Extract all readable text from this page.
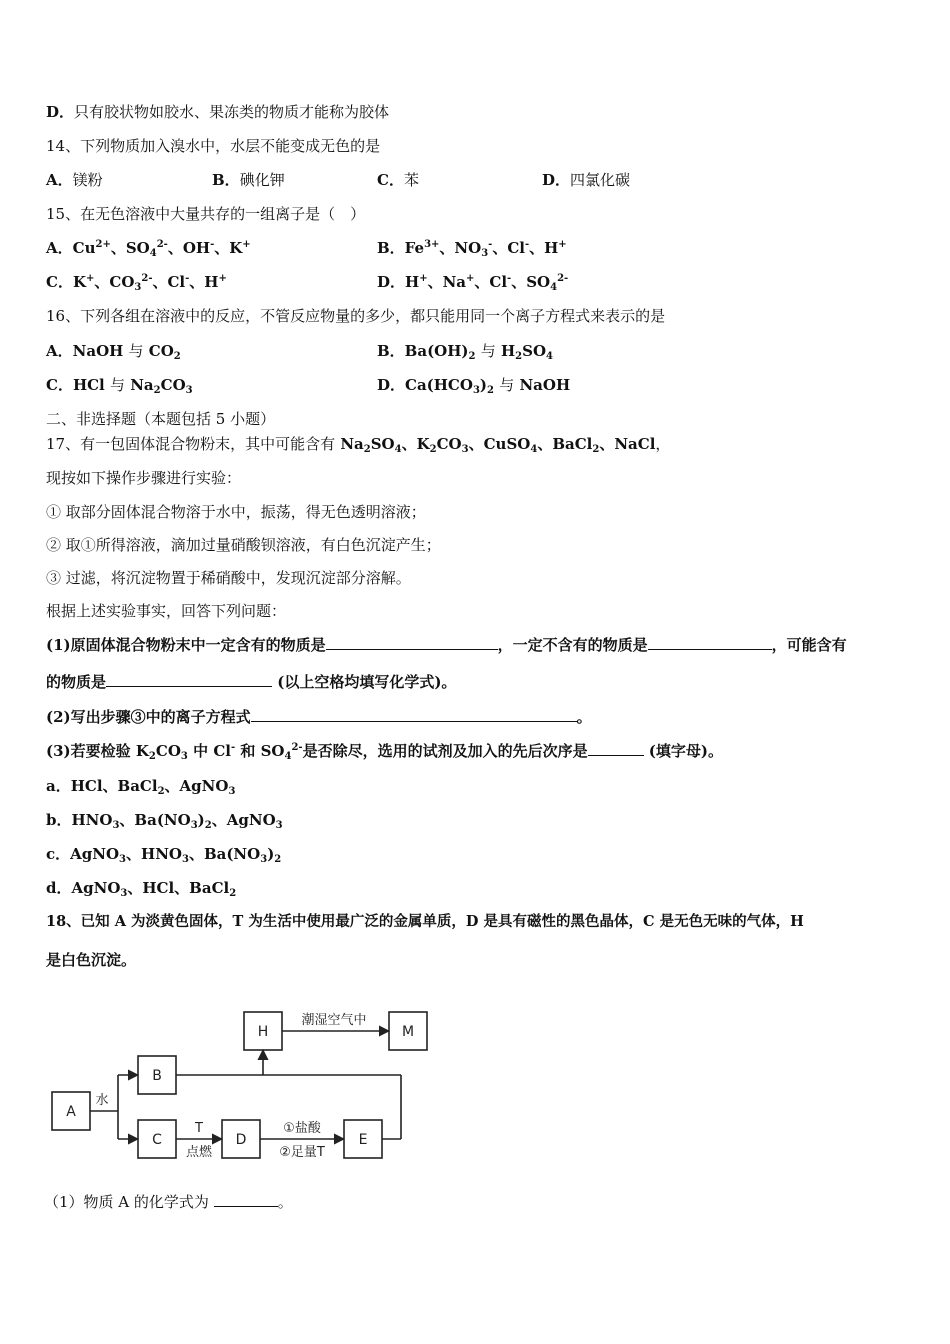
D．只有胶状物如胶水、果冻类的物质才能称为胶体
14、下列物质加入溴水中，水层不能变成无色的是
A．镁粉	B．碘化钾	C．苯	D．四氯化碳
15、在无色溶液中大量共存的一组离子是（　）
A．$Cu^{2+}$、$SO_4^{2-}$、OH-、K+	B．$Fe^{3+}$、$NO_3^-$、Cl-、H+
C．K+、$CO_3^{2-}$、Cl-、H+	D．H+、Na+、Cl-、$SO_4^{2-}$
16、下列各组在溶液中的反应，不管反应物量的多少，都只能用同一个离子方程式来表示的是
A．NaOH 与 $CO_2$	B．$Ba(OH)_2$ 与 $H_2SO_4$
C．HCl 与 $Na_2CO_3$	D．$Ca(HCO_3)_2$ 与 NaOH
二、非选择题（本题包括 5 小题）
17、有一包固体混合物粉末，其中可能含有 $Na_2SO_4$、$K_2CO_3$、CuSO$_4$、BaCl$_2$、NaCl，
现按如下操作步骤进行实验：
① 取部分固体混合物溶于水中，振荡，得无色透明溶液；
② 取①所得溶液，滴加过量硝酸钡溶液，有白色沉淀产生；
③ 过滤，将沉淀物置于稀硝酸中，发现沉淀部分溶解。
根据上述实验事实，回答下列问题：
(1)原固体混合物粉末中一定含有的物质是	，一定不含有的物质是	，可能含有
的物质是	(以上空格均填写化学式)。
(2)写出步骤③中的离子方程式	。
(3)若要检验 $K_2CO_3$ 中 Cl- 和 $SO_4^{2-}$是否除尽，选用的试剂及加入的先后次序是	(填字母)。
a．HCl、BaCl$_2$、AgNO$_3$
b．$HNO_3$、$Ba(NO_3)_2$、AgNO$_3$
c．AgNO$_3$、$HNO_3$、$Ba(NO_3)_2$
d．AgNO$_3$、HCl、BaCl$_2$
18、已知 A 为淡黄色固体，T 为生活中使用最广泛的金属单质，D 是具有磁性的黑色晶体，C 是无色无味的气体，H
是白色沉淀。
A
B
C	D	E
H	M
水
T
点燃
①盐酸
②足量T
潮湿空气中
（1）物质 A 的化学式为	。
